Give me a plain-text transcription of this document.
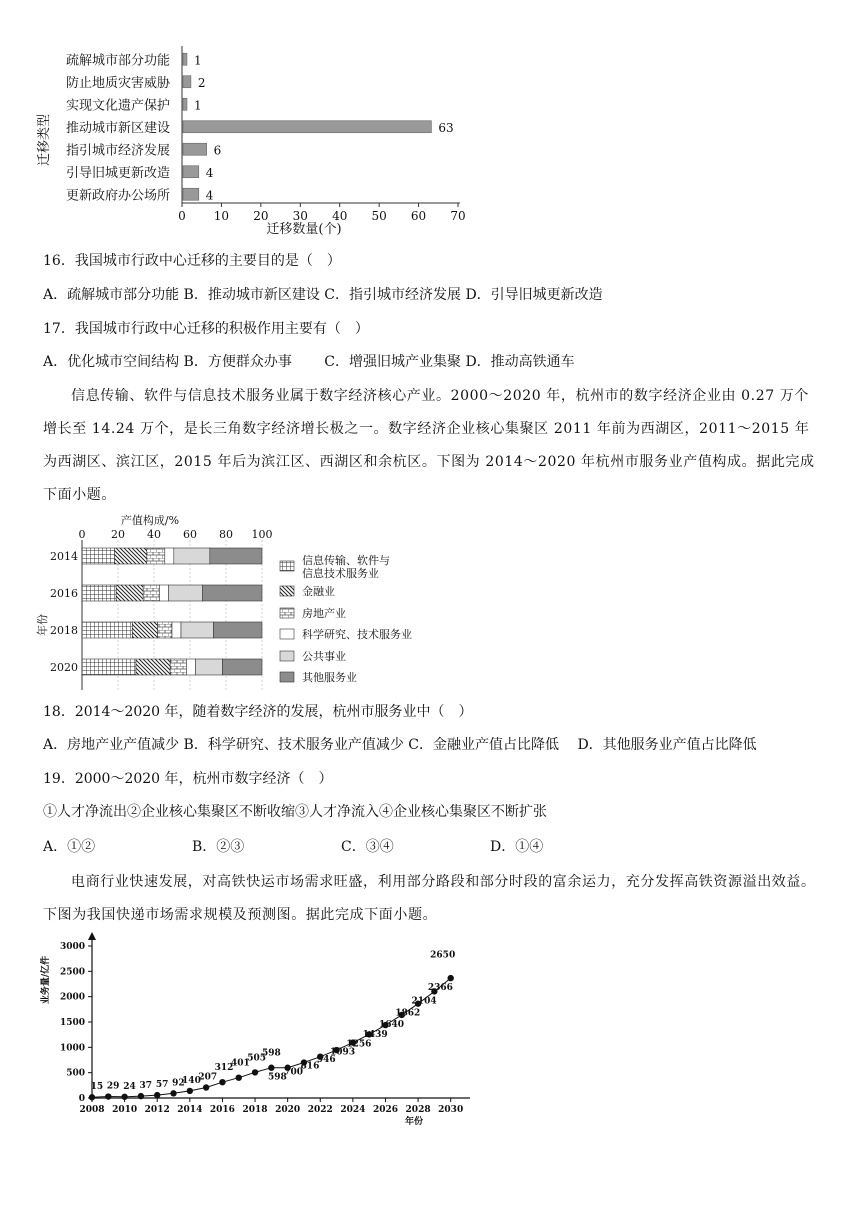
疏解城市部分功能
防止地质灾害威胁
实现文化遗产保护
推动城市新区建设
指引城市经济发展
引导旧城更新改造
更新政府办公场所
1
2
1
63
6
4
4
0 10 20 30 40 50 60 70
迁移数量(个)
迁移类型
16．我国城市行政中心迁移的主要目的是（　）
A．疏解城市部分功能 B．推动城市新区建设 C．指引城市经济发展 D．引导旧城更新改造
17．我国城市行政中心迁移的积极作用主要有（　）
A．优化城市空间结构 B．方便群众办事　　 C．增强旧城产业集聚 D．推动高铁通车
信息传输、软件与信息技术服务业属于数字经济核心产业。2000～2020 年，杭州市的数字经济企业由 0.27 万个增长至 14.24 万个，是长三角数字经济增长极之一。数字经济企业核心集聚区 2011 年前为西湖区，2011～2015 年为西湖区、滨江区，2015 年后为滨江区、西湖区和余杭区。下图为 2014～2020 年杭州市服务业产值构成。据此完成下面小题。
产值构成/%
0 20 40 60 80 100
2014
2016
2018
2020
年份
信息传输、软件与
信息技术服务业
金融业
房地产业
科学研究、技术服务业
公共事业
其他服务业
18．2014～2020 年，随着数字经济的发展，杭州市服务业中（　）
A．房地产业产值减少 B．科学研究、技术服务业产值减少 C．金融业产值占比降低　 D．其他服务业产值占比降低
19．2000～2020 年，杭州市数字经济（　）
①人才净流出②企业核心集聚区不断收缩③人才净流入④企业核心集聚区不断扩张
A．①②	B．②③	C．③④	D．①④
电商行业快速发展，对高铁快运市场需求旺盛，利用部分路段和部分时段的富余运力，充分发挥高铁资源溢出效益。下图为我国快递市场需求规模及预测图。据此完成下面小题。
0
500
1000
1500
2000
2500
3000
2008 2010 2012 2014 2016 2018 2020 2022 2024 2026 2028 2030
15 29 24 37 57 92
140
207
312
401
505
598
598
700
816
946
1093
1256
1439
1640
1862
2104
2366
2650
业务量/亿件
年份
